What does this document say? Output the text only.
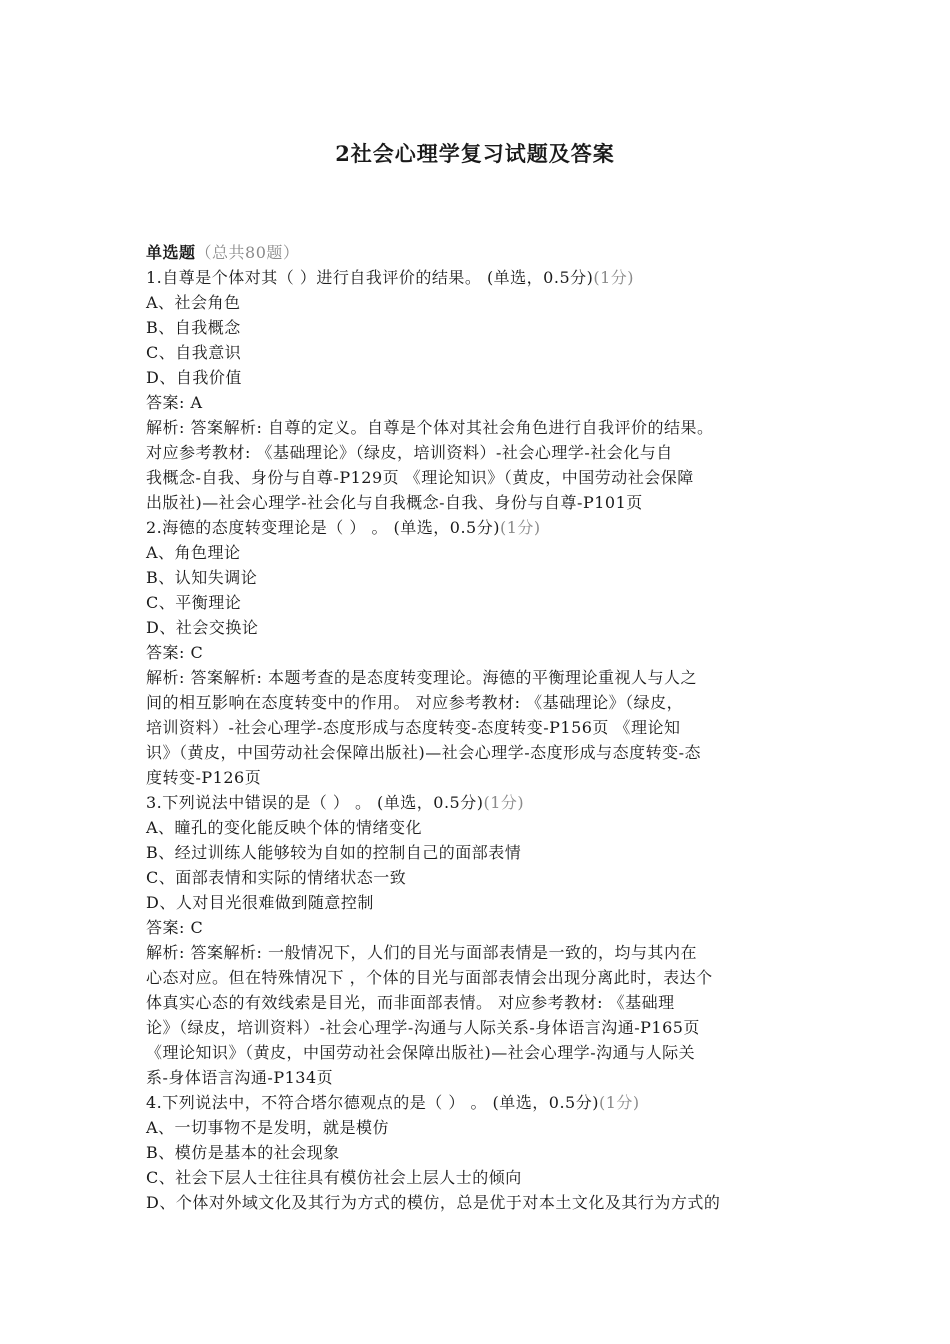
2社会心理学复习试题及答案
单选题（总共80题）
1.自尊是个体对其（ ）进行自我评价的结果。 (单选，0.5分)(1分)
A、社会角色
B、自我概念
C、自我意识
D、自我价值
答案: A
解析: 答案解析: 自尊的定义。自尊是个体对其社会角色进行自我评价的结果。
对应参考教材: 《基础理论》（绿皮，培训资料）-社会心理学-社会化与自
我概念-自我、身份与自尊-P129页 《理论知识》（黄皮，中国劳动社会保障
出版社)—社会心理学-社会化与自我概念-自我、身份与自尊-P101页
2.海德的态度转变理论是（ ） 。 (单选，0.5分)(1分)
A、角色理论
B、认知失调论
C、平衡理论
D、社会交换论
答案: C
解析: 答案解析: 本题考查的是态度转变理论。海德的平衡理论重视人与人之
间的相互影响在态度转变中的作用。 对应参考教材: 《基础理论》（绿皮，
培训资料）-社会心理学-态度形成与态度转变-态度转变-P156页 《理论知
识》（黄皮，中国劳动社会保障出版社)—社会心理学-态度形成与态度转变-态
度转变-P126页
3.下列说法中错误的是（ ） 。 (单选，0.5分)(1分)
A、瞳孔的变化能反映个体的情绪变化
B、经过训练人能够较为自如的控制自己的面部表情
C、面部表情和实际的情绪状态一致
D、人对目光很难做到随意控制
答案: C
解析: 答案解析: 一般情况下，人们的目光与面部表情是一致的，均与其内在
心态对应。但在特殊情况下 ，个体的目光与面部表情会出现分离此时，表达个
体真实心态的有效线索是目光，而非面部表情。 对应参考教材: 《基础理
论》（绿皮，培训资料）-社会心理学-沟通与人际关系-身体语言沟通-P165页
《理论知识》（黄皮，中国劳动社会保障出版社)—社会心理学-沟通与人际关
系-身体语言沟通-P134页
4.下列说法中，不符合塔尔德观点的是（ ） 。 (单选，0.5分)(1分)
A、一切事物不是发明，就是模仿
B、模仿是基本的社会现象
C、社会下层人士往往具有模仿社会上层人士的倾向
D、个体对外域文化及其行为方式的模仿，总是优于对本土文化及其行为方式的
